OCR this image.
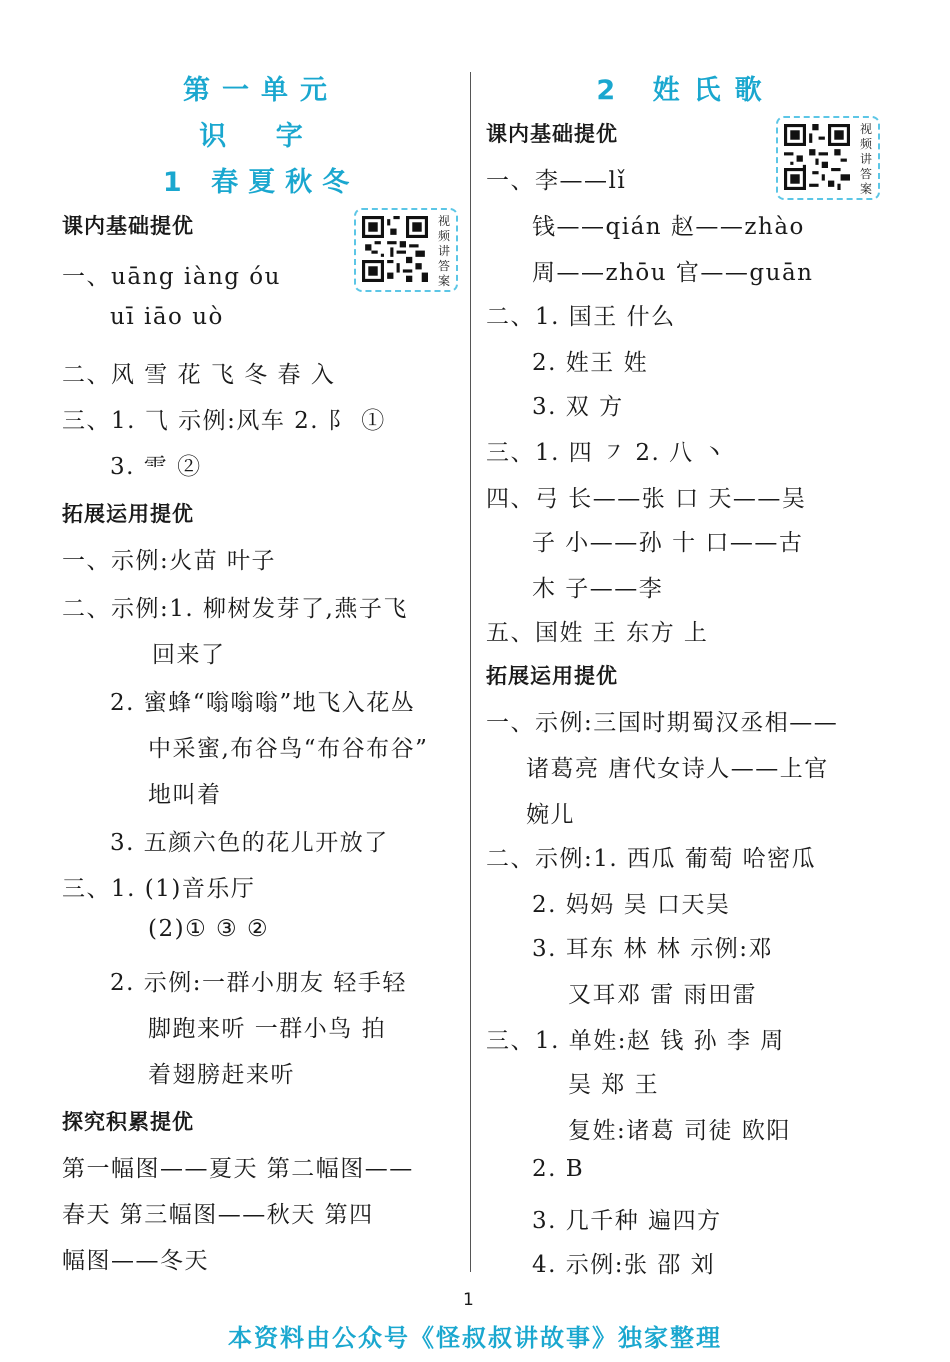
第一单元
识 字
1 春夏秋冬
课内基础提优	视频讲答案
一、uāng iàng óu
uī iāo uò
二、风 雪 花 飞 冬 春 入
三、1. ⺄ 示例:风车 2. 阝 ①
3. ⻗ ②
拓展运用提优
一、示例:火苗 叶子
二、示例:1. 柳树发芽了,燕子飞
回来了
2. 蜜蜂“嗡嗡嗡”地飞入花丛
中采蜜,布谷鸟“布谷布谷”
地叫着
3. 五颜六色的花儿开放了
三、1. (1)音乐厅
(2)① ③ ②
2. 示例:一群小朋友 轻手轻
脚跑来听 一群小鸟 拍
着翅膀赶来听
探究积累提优
第一幅图——夏天 第二幅图——
春天 第三幅图——秋天 第四
幅图——冬天
2 姓氏歌
课内基础提优	视频讲答案
一、李——lǐ
钱——qián 赵——zhào
周——zhōu 官——guān
二、1. 国王 什么
2. 姓王 姓
3. 双 方
三、1. 四 ㇇ 2. 八 丶
四、弓 长——张 口 天——吴
子 小——孙 十 口——古
木 子——李
五、国姓 王 东方 上
拓展运用提优
一、示例:三国时期蜀汉丞相——
诸葛亮 唐代女诗人——上官
婉儿
二、示例:1. 西瓜 葡萄 哈密瓜
2. 妈妈 吴 口天吴
3. 耳东 林 林 示例:邓
又耳邓 雷 雨田雷
三、1. 单姓:赵 钱 孙 李 周
吴 郑 王
复姓:诸葛 司徒 欧阳
2. B
3. 几千种 遍四方
4. 示例:张 邵 刘
1
本资料由公众号《怪叔叔讲故事》独家整理
